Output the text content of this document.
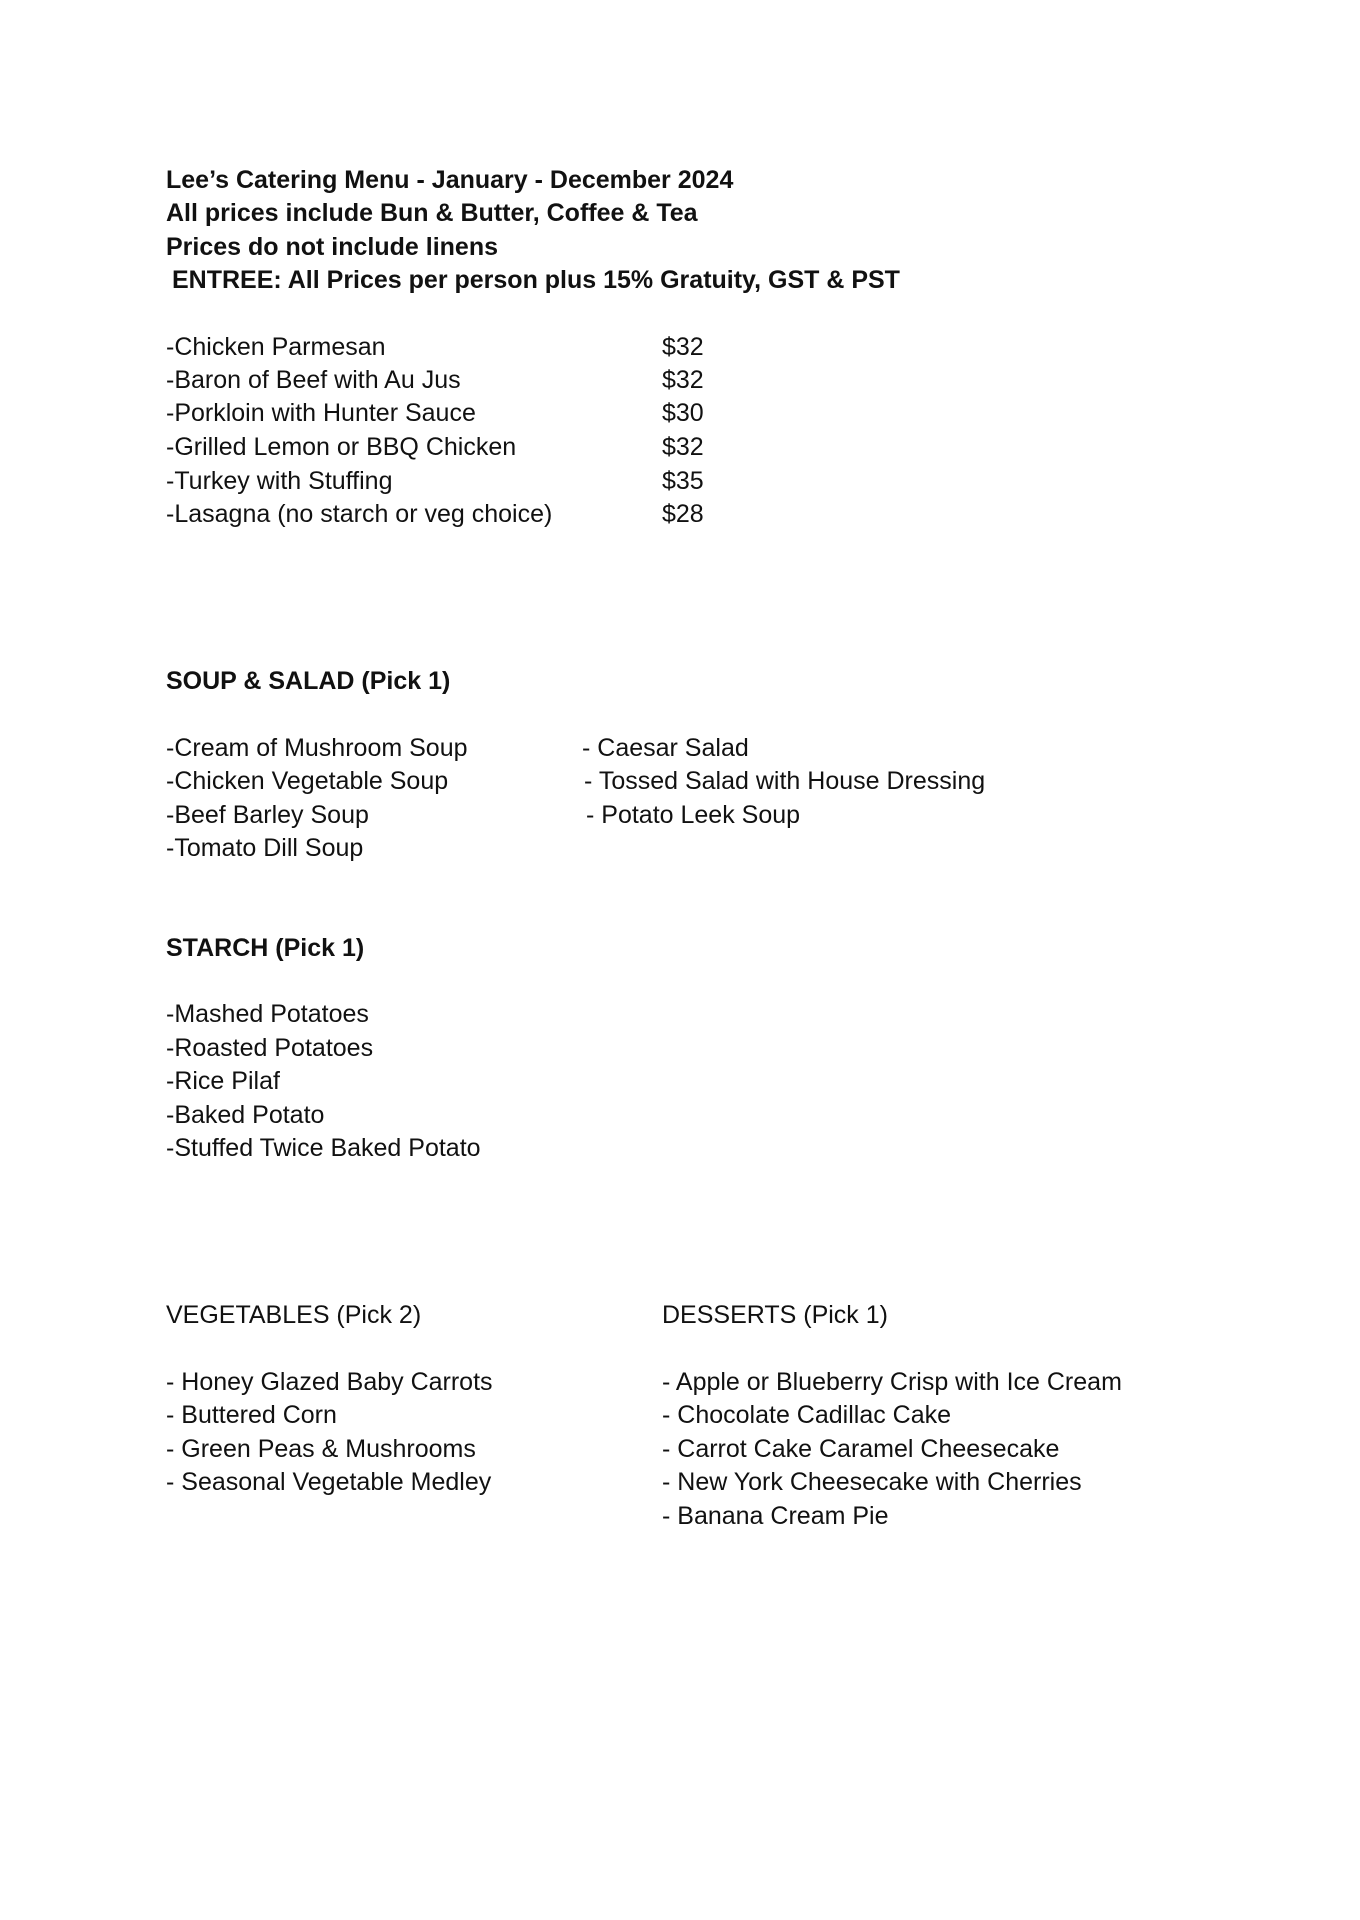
Lee’s Catering Menu - January - December 2024
All prices include Bun & Butter, Coffee & Tea
Prices do not include linens
ENTREE: All Prices per person plus 15% Gratuity, GST & PST
-Chicken Parmesan	$32
-Baron of Beef with Au Jus	$32
-Porkloin with Hunter Sauce	$30
-Grilled Lemon or BBQ Chicken	$32
-Turkey with Stuffing	$35
-Lasagna (no starch or veg choice)	$28
SOUP & SALAD (Pick 1)
-Cream of Mushroom Soup
-Chicken Vegetable Soup
-Beef Barley Soup
-Tomato Dill Soup
- Caesar Salad
- Tossed Salad with House Dressing
- Potato Leek Soup
STARCH (Pick 1)
-Mashed Potatoes
-Roasted Potatoes
-Rice Pilaf
-Baked Potato
-Stuffed Twice Baked Potato
VEGETABLES (Pick 2)
- Honey Glazed Baby Carrots
- Buttered Corn
- Green Peas & Mushrooms
- Seasonal Vegetable Medley
DESSERTS (Pick 1)
- Apple or Blueberry Crisp with Ice Cream
- Chocolate Cadillac Cake
- Carrot Cake Caramel Cheesecake
- New York Cheesecake with Cherries
- Banana Cream Pie
